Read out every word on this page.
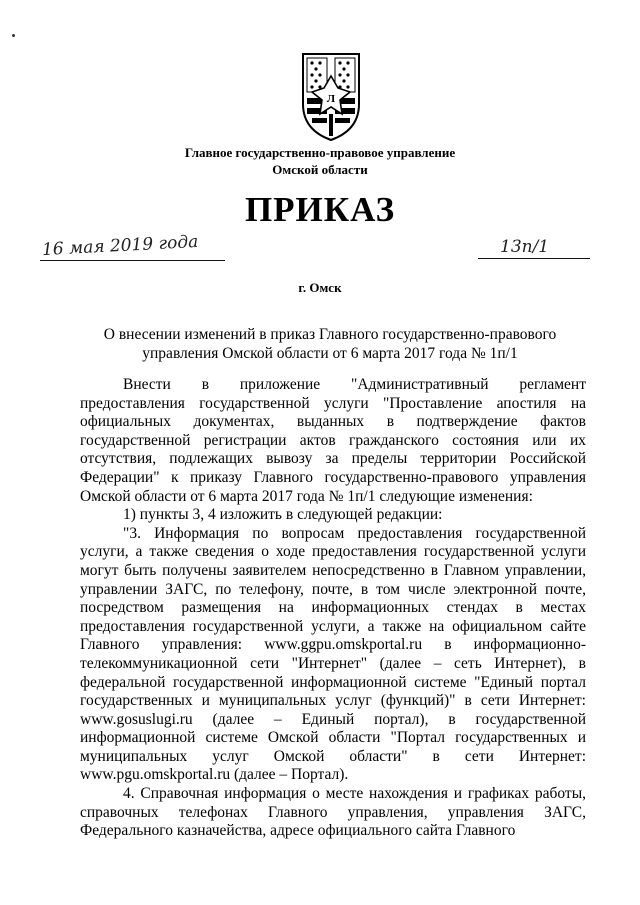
Л
Главное государственно-правовое управление
Омской области
ПРИКАЗ
16 мая 2019 года	13п/1
г. Омск
О внесении изменений в приказ Главного государственно-правового управления Омской области от 6 марта 2017 года № 1п/1

Внести в приложение "Административный регламент предоставления государственной услуги "Проставление апостиля на официальных документах, выданных в подтверждение фактов государственной регистрации актов гражданского состояния или их отсутствия, подлежащих вывозу за пределы территории Российской Федерации" к приказу Главного государственно-правового управления Омской области от 6 марта 2017 года № 1п/1 следующие изменения:

1) пункты 3, 4 изложить в следующей редакции:

"3. Информация по вопросам предоставления государственной услуги, а также сведения о ходе предоставления государственной услуги могут быть получены заявителем непосредственно в Главном управлении, управлении ЗАГС, по телефону, почте, в том числе электронной почте, посредством размещения на информационных стендах в местах предоставления государственной услуги, а также на официальном сайте Главного управления: www.ggpu.omskportal.ru в информационно-телекоммуникационной сети "Интернет" (далее – сеть Интернет), в федеральной государственной информационной системе "Единый портал государственных и муниципальных услуг (функций)" в сети Интернет: www.gosuslugi.ru (далее – Единый портал), в государственной информационной системе Омской области "Портал государственных и муниципальных услуг Омской области" в сети Интернет: www.pgu.omskportal.ru (далее – Портал).

4. Справочная информация о месте нахождения и графиках работы, справочных телефонах Главного управления, управления ЗАГС, Федерального казначейства, адресе официального сайта Главного
